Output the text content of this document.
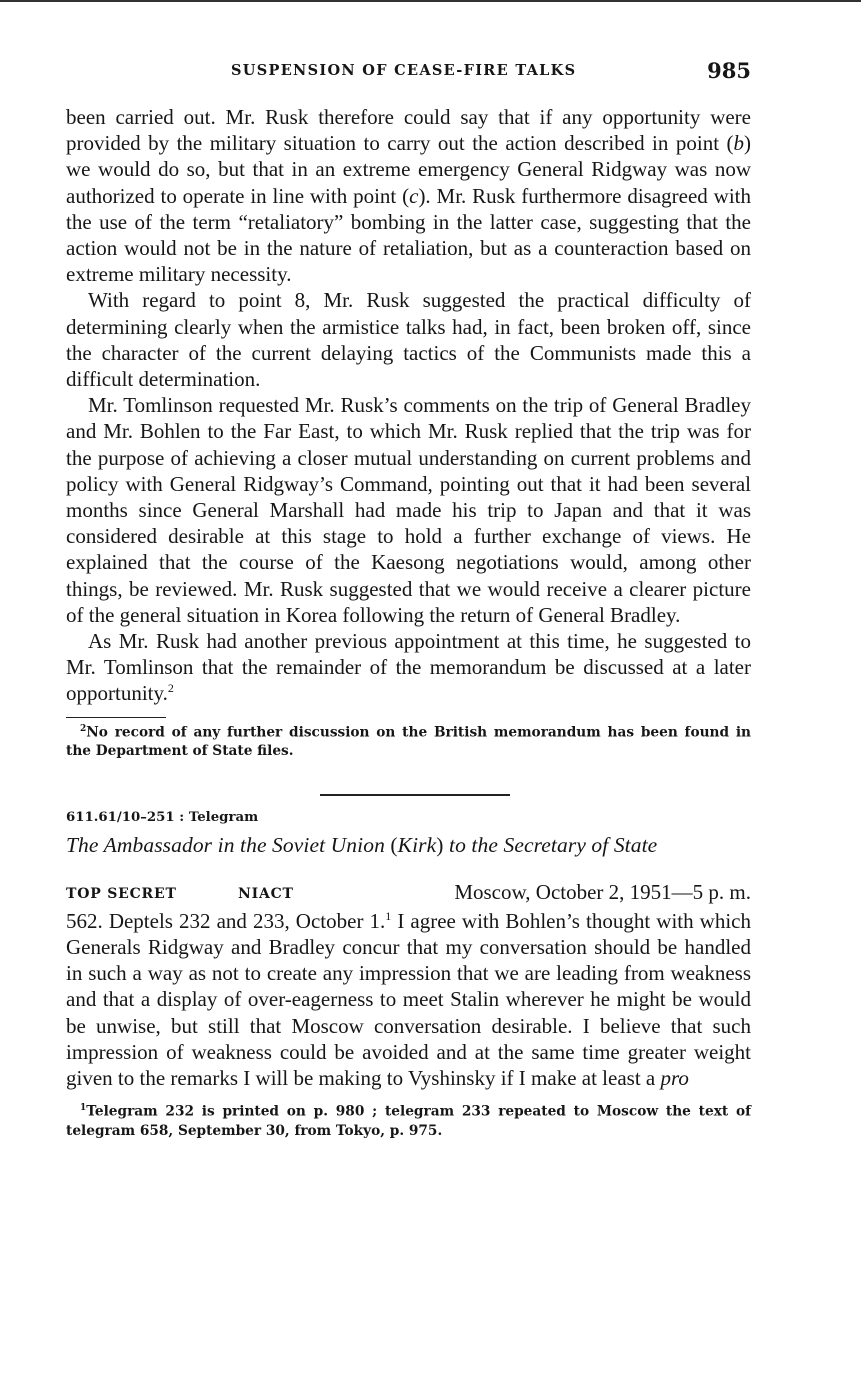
SUSPENSION OF CEASE-FIRE TALKS	985

been carried out. Mr. Rusk therefore could say that if any opportunity were provided by the military situation to carry out the action described in point (b) we would do so, but that in an extreme emergency General Ridgway was now authorized to operate in line with point (c). Mr. Rusk furthermore disagreed with the use of the term “retaliatory” bombing in the latter case, suggesting that the action would not be in the nature of retaliation, but as a counteraction based on extreme military necessity.

With regard to point 8, Mr. Rusk suggested the practical difficulty of determining clearly when the armistice talks had, in fact, been broken off, since the character of the current delaying tactics of the Communists made this a difficult determination.

Mr. Tomlinson requested Mr. Rusk’s comments on the trip of General Bradley and Mr. Bohlen to the Far East, to which Mr. Rusk replied that the trip was for the purpose of achieving a closer mutual understanding on current problems and policy with General Ridgway’s Command, pointing out that it had been several months since General Marshall had made his trip to Japan and that it was considered desirable at this stage to hold a further exchange of views. He explained that the course of the Kaesong negotiations would, among other things, be reviewed. Mr. Rusk suggested that we would receive a clearer picture of the general situation in Korea following the return of General Bradley.

As Mr. Rusk had another previous appointment at this time, he suggested to Mr. Tomlinson that the remainder of the memorandum be discussed at a later opportunity.$^2$

$^2$No record of any further discussion on the British memorandum has been found in the Department of State files.
611.61/10–251 : Telegram
The Ambassador in the Soviet Union (Kirk) to the Secretary of State
TOP SECRET	NIACT	Moscow, October 2, 1951—5 p. m.

562. Deptels 232 and 233, October 1.$^1$ I agree with Bohlen’s thought with which Generals Ridgway and Bradley concur that my conversation should be handled in such a way as not to create any impression that we are leading from weakness and that a display of over-eagerness to meet Stalin wherever he might be would be unwise, but still that Moscow conversation desirable. I believe that such impression of weakness could be avoided and at the same time greater weight given to the remarks I will be making to Vyshinsky if I make at least a pro

$^1$Telegram 232 is printed on p. 980 ; telegram 233 repeated to Moscow the text of telegram 658, September 30, from Tokyo, p. 975.
